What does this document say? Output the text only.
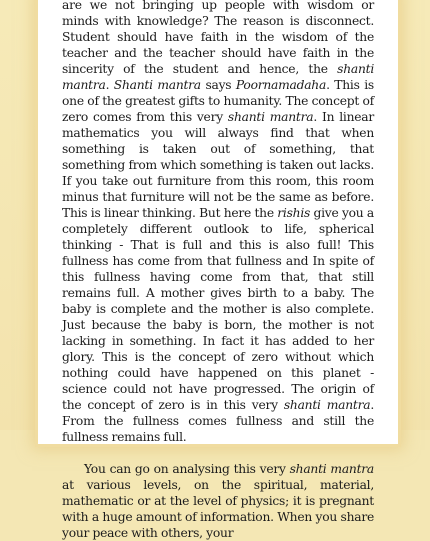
are we not bringing up people with wisdom or minds with knowledge? The reason is disconnect. Student should have faith in the wisdom of the teacher and the teacher should have faith in the sincerity of the student and hence, the shanti mantra. Shanti mantra says Poornamadaha. This is one of the greatest gifts to humanity. The concept of zero comes from this very shanti mantra. In linear mathematics you will always find that when something is taken out of something, that something from which something is taken out lacks. If you take out furniture from this room, this room minus that furniture will not be the same as before. This is linear thinking. But here the rishis give you a completely different outlook to life, spherical thinking - That is full and this is also full! This fullness has come from that fullness and In spite of this fullness having come from that, that still remains full. A mother gives birth to a baby. The baby is complete and the mother is also complete. Just because the baby is born, the mother is not lacking in something. In fact it has added to her glory. This is the concept of zero without which nothing could have happened on this planet - science could not have progressed. The origin of the concept of zero is in this very shanti mantra. From the fullness comes fullness and still the fullness remains full.

You can go on analysing this very shanti mantra at various levels, on the spiritual, material, mathematic or at the level of physics; it is pregnant with a huge amount of information. When you share your peace with others, your
